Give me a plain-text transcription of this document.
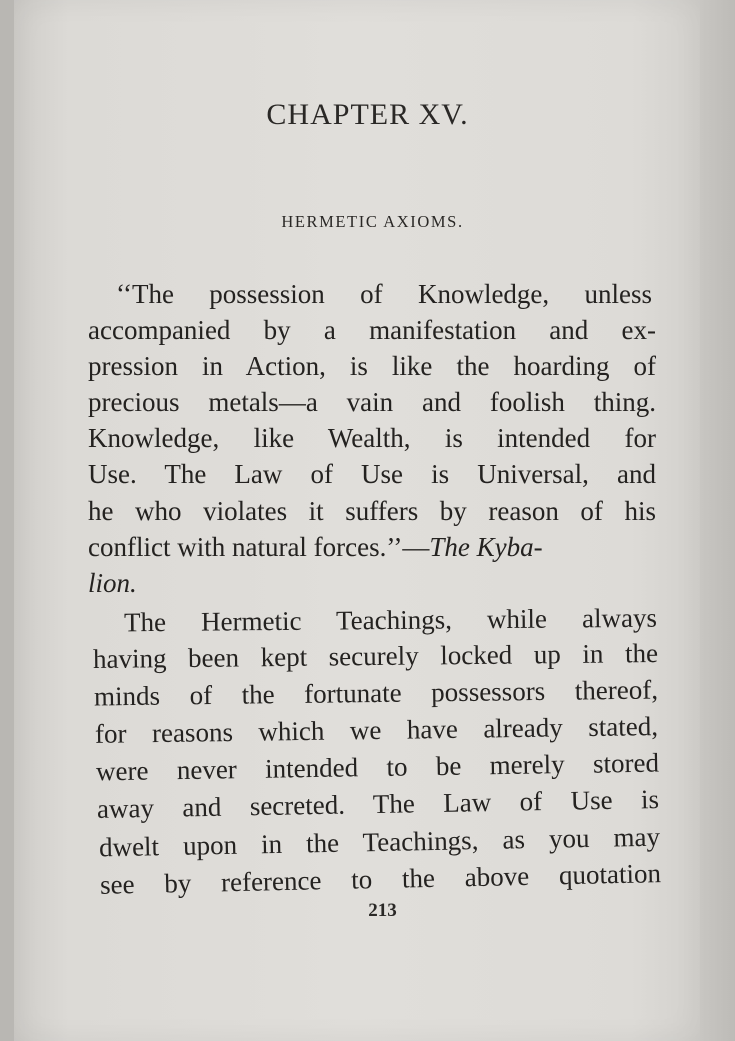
CHAPTER XV.
HERMETIC AXIOMS.
‘‘The possession of Knowledge, unless
accompanied by a manifestation and ex-
pression in Action, is like the hoarding of
precious metals—a vain and foolish thing.
Knowledge, like Wealth, is intended for
Use. The Law of Use is Universal, and
he who violates it suffers by reason of his
conflict with natural forces.’’—The Kyba-
lion.
The Hermetic Teachings, while always
having been kept securely locked up in the
minds of the fortunate possessors thereof,
for reasons which we have already stated,
were never intended to be merely stored
away and secreted. The Law of Use is
dwelt upon in the Teachings, as you may
see by reference to the above quotation
213
